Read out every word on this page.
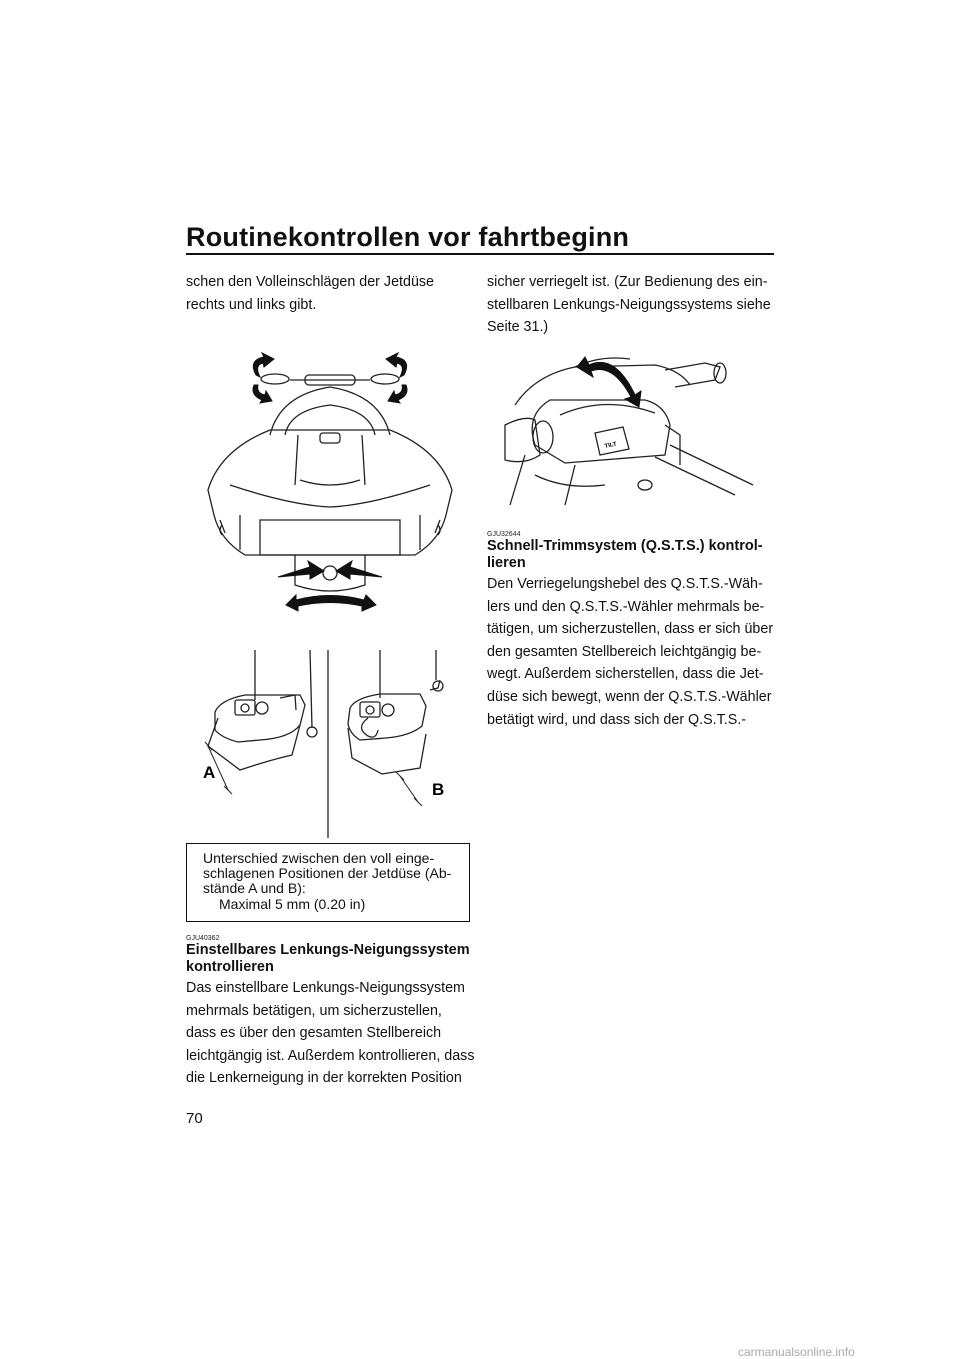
Routinekontrollen vor fahrtbeginn
schen den Volleinschlägen der Jetdüse
rechts und links gibt.
A
B
Unterschied zwischen den voll einge-
schlagenen Positionen der Jetdüse (Ab-
stände A und B):
Maximal 5 mm (0.20 in)
GJU40362
Einstellbares Lenkungs-Neigungssystem
kontrollieren
Das einstellbare Lenkungs-Neigungssystem
mehrmals betätigen, um sicherzustellen,
dass es über den gesamten Stellbereich
leichtgängig ist. Außerdem kontrollieren, dass
die Lenkerneigung in der korrekten Position
sicher verriegelt ist. (Zur Bedienung des ein-
stellbaren Lenkungs-Neigungssystems siehe
Seite 31.)
TILT
GJU32644
Schnell-Trimmsystem (Q.S.T.S.) kontrol-
lieren
Den Verriegelungshebel des Q.S.T.S.-Wäh-
lers und den Q.S.T.S.-Wähler mehrmals be-
tätigen, um sicherzustellen, dass er sich über
den gesamten Stellbereich leichtgängig be-
wegt. Außerdem sicherstellen, dass die Jet-
düse sich bewegt, wenn der Q.S.T.S.-Wähler
betätigt wird, und dass sich der Q.S.T.S.-
70
carmanualsonline.info
